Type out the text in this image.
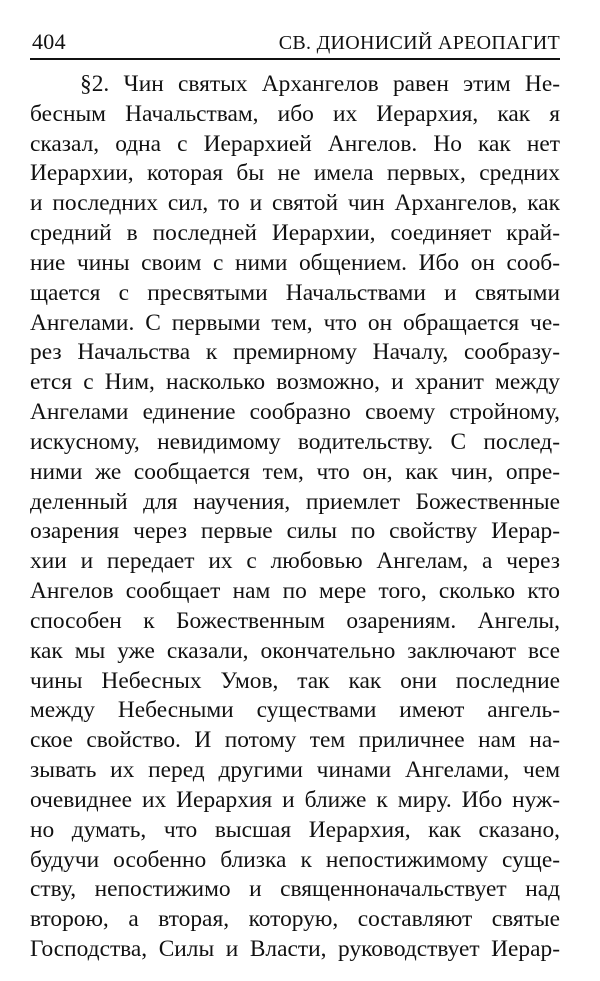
404	СВ. ДИОНИСИЙ АРЕОПАГИТ
§2. Чин святых Архангелов равен этим Не-
бесным Начальствам, ибо их Иерархия, как я
сказал, одна с Иерархией Ангелов. Но как нет
Иерархии, которая бы не имела первых, средних
и последних сил, то и святой чин Архангелов, как
средний в последней Иерархии, соединяет край-
ние чины своим с ними общением. Ибо он сооб-
щается с пресвятыми Начальствами и святыми
Ангелами. С первыми тем, что он обращается че-
рез Начальства к премирному Началу, сообразу-
ется с Ним, насколько возможно, и хранит между
Ангелами единение сообразно своему стройному,
искусному, невидимому водительству. С послед-
ними же сообщается тем, что он, как чин, опре-
деленный для научения, приемлет Божественные
озарения через первые силы по свойству Иерар-
хии и передает их с любовью Ангелам, а через
Ангелов сообщает нам по мере того, сколько кто
способен к Божественным озарениям. Ангелы,
как мы уже сказали, окончательно заключают все
чины Небесных Умов, так как они последние
между Небесными существами имеют ангель-
ское свойство. И потому тем приличнее нам на-
зывать их перед другими чинами Ангелами, чем
очевиднее их Иерархия и ближе к миру. Ибо нуж-
но думать, что высшая Иерархия, как сказано,
будучи особенно близка к непостижимому суще-
ству, непостижимо и священноначальствует над
второю, а вторая, которую, составляют святые
Господства, Силы и Власти, руководствует Иерар-
